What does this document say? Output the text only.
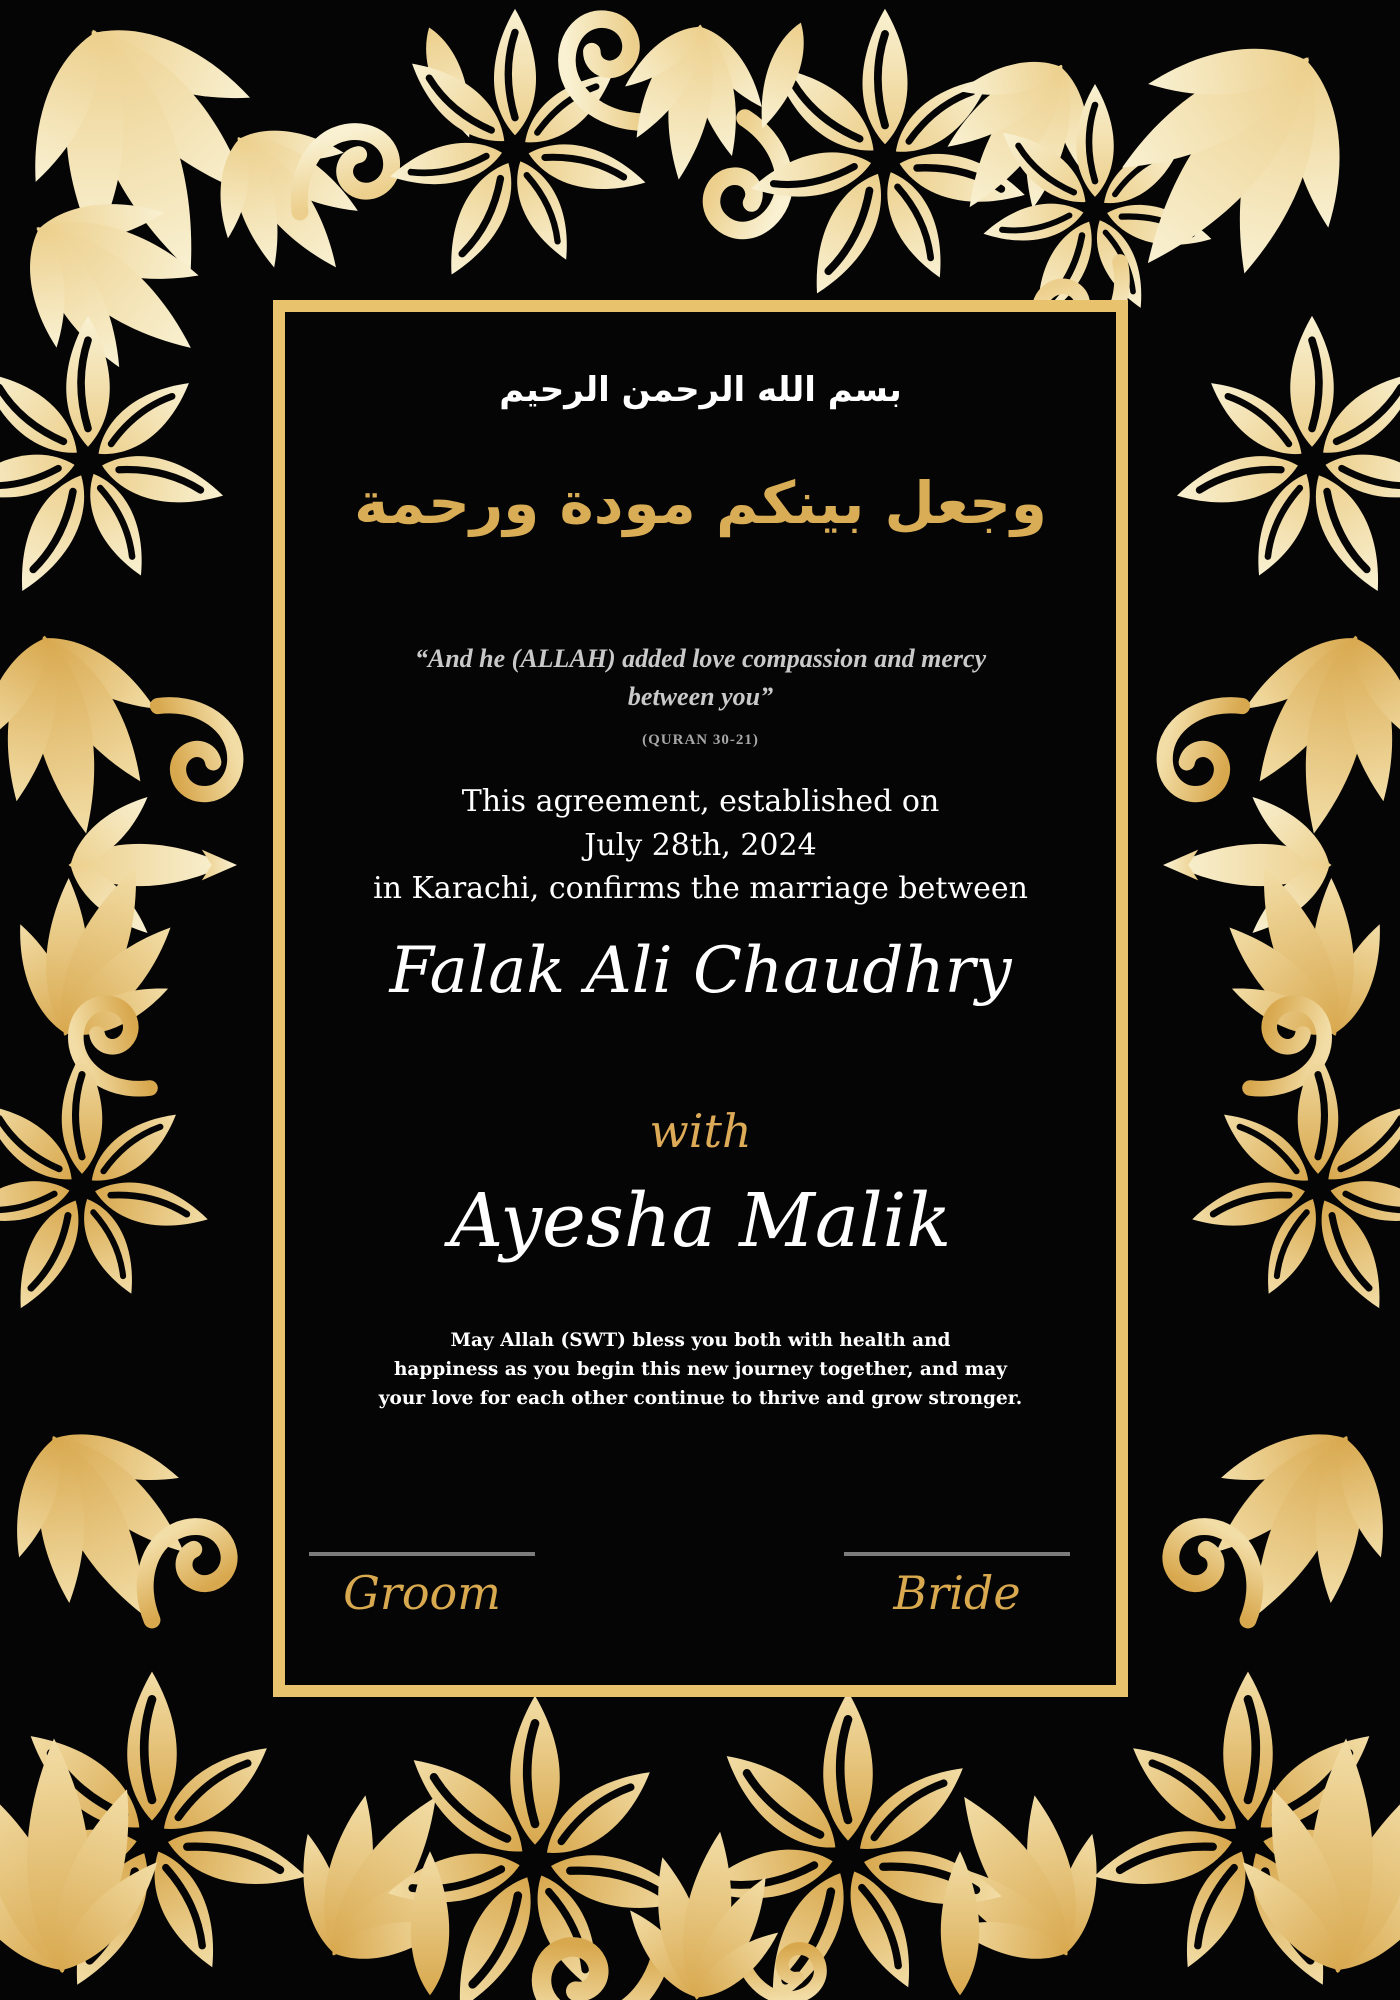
بسم الله الرحمن الرحيم
وجعل بينكم مودة ورحمة
“And he (ALLAH) added love compassion and mercy
between you”
(QURAN 30-21)
This agreement, established on
July 28th, 2024
in Karachi, confirms the marriage between
Falak Ali Chaudhry
with
Ayesha Malik
May Allah (SWT) bless you both with health and
happiness as you begin this new journey together, and may
your love for each other continue to thrive and grow stronger.
Groom	Bride
